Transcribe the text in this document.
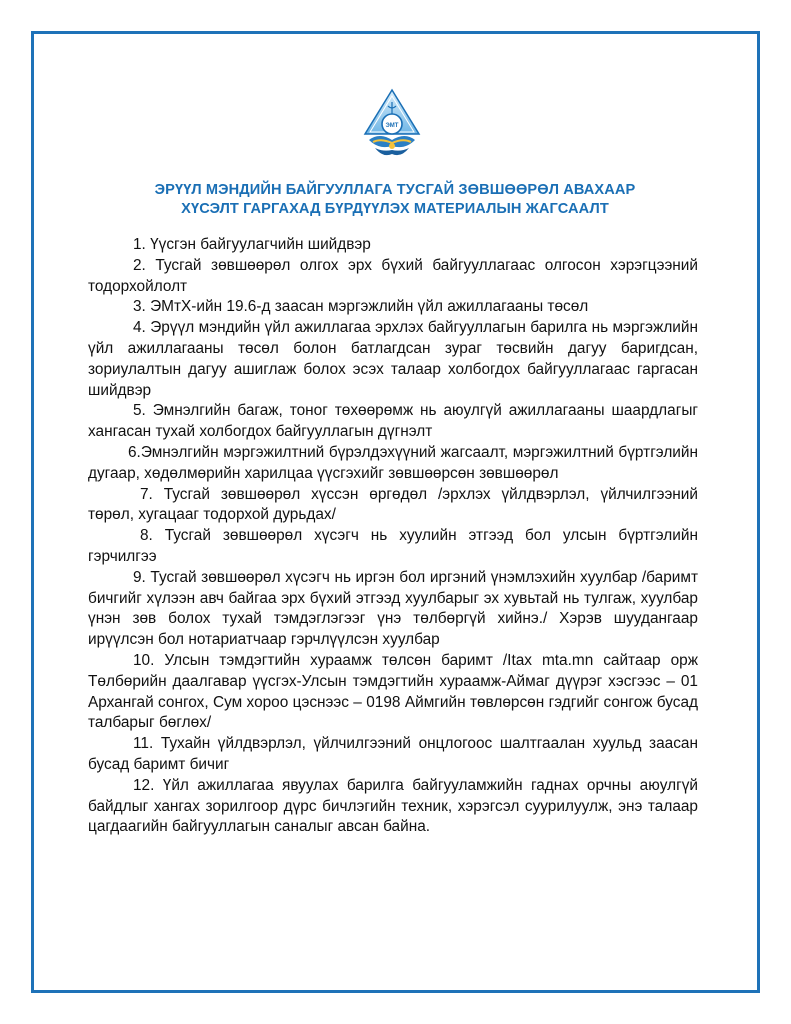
ЭМТ
ЭРҮҮЛ МЭНДИЙН БАЙГУУЛЛАГА ТУСГАЙ ЗӨВШӨӨРӨЛ АВАХААР
ХҮСЭЛТ ГАРГАХАД БҮРДҮҮЛЭХ МАТЕРИАЛЫН ЖАГСААЛТ

1. Үүсгэн байгуулагчийн шийдвэр

2. Тусгай зөвшөөрөл олгох эрх бүхий байгууллагаас олгосон хэрэгцээний тодорхойлолт

3. ЭМтХ-ийн 19.6-д заасан мэргэжлийн үйл ажиллагааны төсөл

4. Эрүүл мэндийн үйл ажиллагаа эрхлэх байгууллагын барилга нь мэргэжлийн үйл ажиллагааны төсөл болон батлагдсан зураг төсвийн дагуу баригдсан, зориулалтын дагуу ашиглаж болох эсэх талаар холбогдох байгууллагаас гаргасан шийдвэр

5. Эмнэлгийн багаж, тоног төхөөрөмж нь аюулгүй ажиллагааны шаардлагыг хангасан тухай холбогдох байгууллагын дүгнэлт

6.Эмнэлгийн мэргэжилтний бүрэлдэхүүний жагсаалт, мэргэжилтний бүртгэлийн дугаар, хөдөлмөрийн харилцаа үүсгэхийг зөвшөөрсөн зөвшөөрөл

7. Тусгай зөвшөөрөл хүссэн өргөдөл /эрхлэх үйлдвэрлэл, үйлчилгээний төрөл, хугацааг тодорхой дурьдах/

8. Тусгай зөвшөөрөл хүсэгч нь хуулийн этгээд бол улсын бүртгэлийн гэрчилгээ

9. Тусгай зөвшөөрөл хүсэгч нь иргэн бол иргэний үнэмлэхийн хуулбар /баримт бичгийг хүлээн авч байгаа эрх бүхий этгээд хуулбарыг эх хувьтай нь тулгаж, хуулбар үнэн зөв болох тухай тэмдэглэгээг үнэ төлбөргүй хийнэ./ Хэрэв шуудангаар ирүүлсэн бол нотариатчаар гэрчлүүлсэн хуулбар

10. Улсын тэмдэгтийн хураамж төлсөн баримт /Itax mta.mn сайтаар орж Төлбөрийн даалгавар үүсгэх-Улсын тэмдэгтийн хураамж-Аймаг дүүрэг хэсгээс – 01 Архангай сонгох, Сум хороо цэснээс – 0198 Аймгийн төвлөрсөн гэдгийг сонгож бусад талбарыг бөглөх/

11. Тухайн үйлдвэрлэл, үйлчилгээний онцлогоос шалтгаалан хуульд заасан бусад баримт бичиг

12. Үйл ажиллагаа явуулах барилга байгууламжийн гаднах орчны аюулгүй байдлыг хангах зорилгоор дүрс бичлэгийн техник, хэрэгсэл суурилуулж, энэ талаар цагдаагийн байгууллагын саналыг авсан байна.
